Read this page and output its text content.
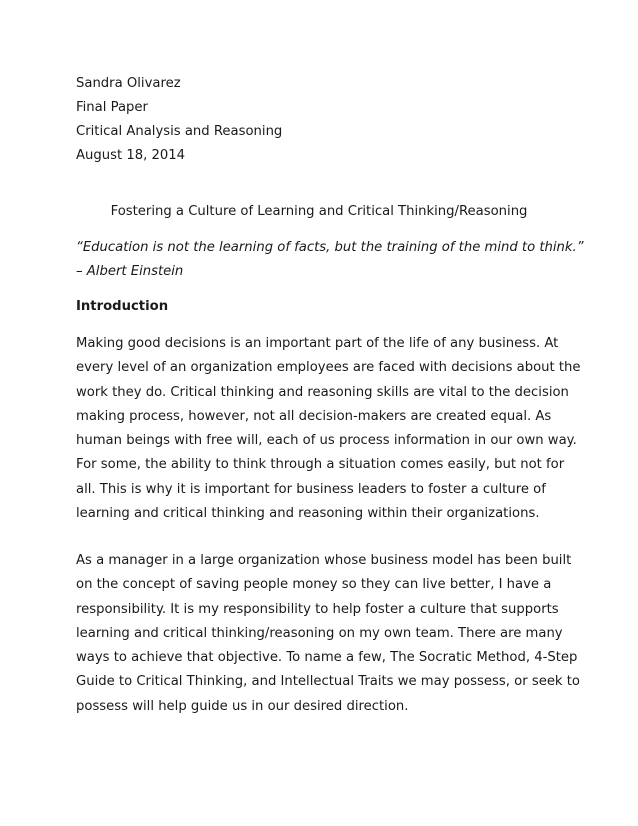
Sandra Olivarez
Final Paper
Critical Analysis and Reasoning
August 18, 2014
Fostering a Culture of Learning and Critical Thinking/Reasoning
“Education is not the learning of facts, but the training of the mind to think.”
– Albert Einstein
Introduction
Making good decisions is an important part of the life of any business. At
every level of an organization employees are faced with decisions about the
work they do. Critical thinking and reasoning skills are vital to the decision
making process, however, not all decision-makers are created equal. As
human beings with free will, each of us process information in our own way.
For some, the ability to think through a situation comes easily, but not for
all. This is why it is important for business leaders to foster a culture of
learning and critical thinking and reasoning within their organizations.
As a manager in a large organization whose business model has been built
on the concept of saving people money so they can live better, I have a
responsibility. It is my responsibility to help foster a culture that supports
learning and critical thinking/reasoning on my own team. There are many
ways to achieve that objective. To name a few, The Socratic Method, 4-Step
Guide to Critical Thinking, and Intellectual Traits we may possess, or seek to
possess will help guide us in our desired direction.
